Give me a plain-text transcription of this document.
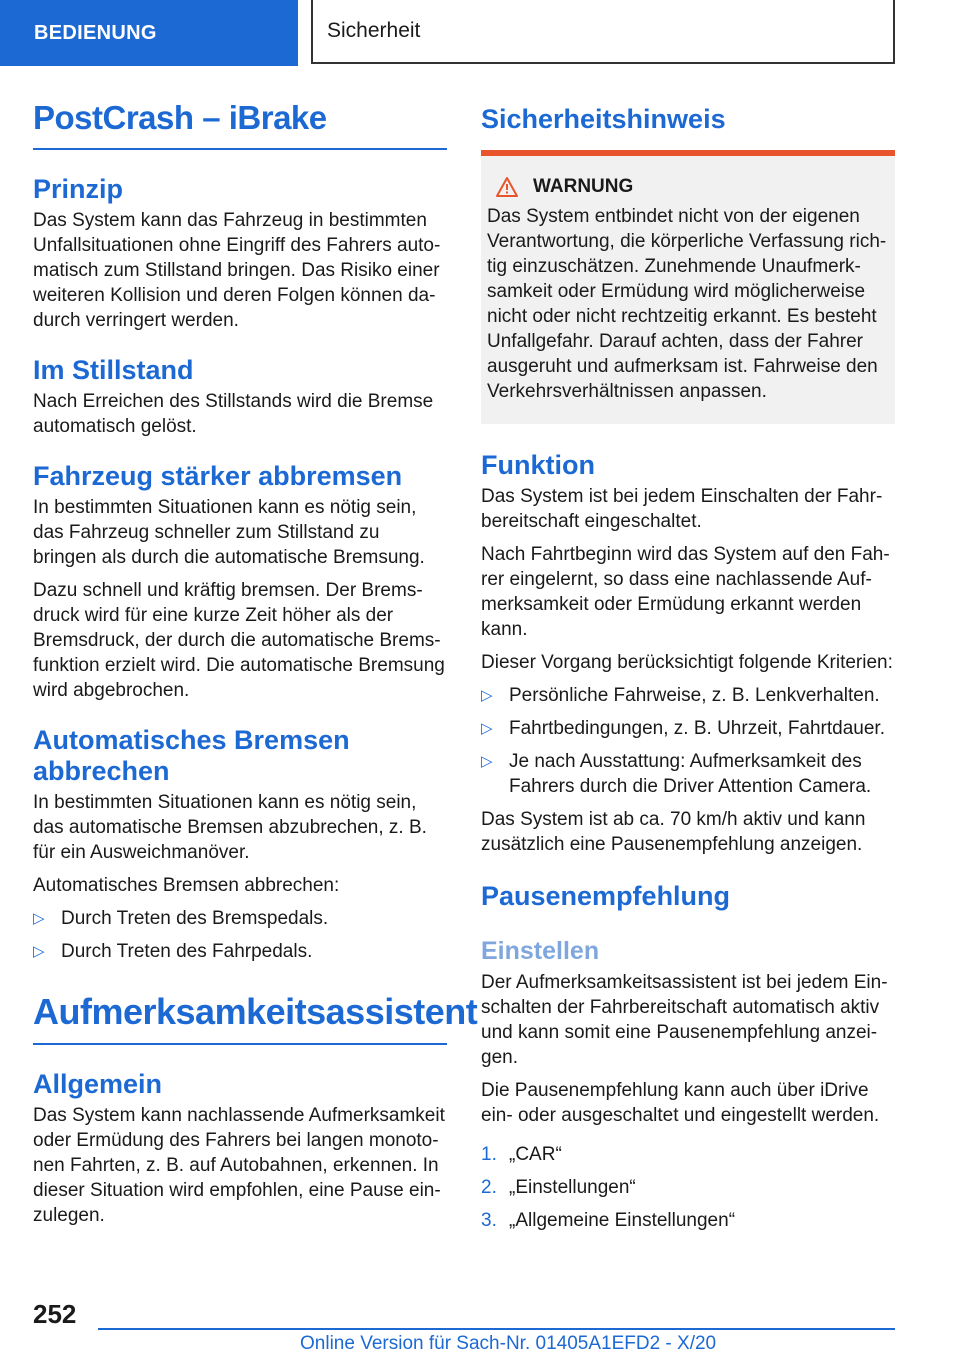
BEDIENUNG	Sicherheit
PostCrash – iBrake
Prinzip

Das System kann das Fahrzeug in bestimmten Unfallsituationen ohne Eingriff des Fahrers automatisch zum Stillstand bringen. Das Risiko einer weiteren Kollision und deren Folgen können dadurch verringert werden.

Im Stillstand

Nach Erreichen des Stillstands wird die Bremse automatisch gelöst.

Fahrzeug stärker abbremsen

In bestimmten Situationen kann es nötig sein, das Fahrzeug schneller zum Stillstand zu bringen als durch die automatische Bremsung.

Dazu schnell und kräftig bremsen. Der Bremsdruck wird für eine kurze Zeit höher als der Bremsdruck, der durch die automatische Bremsfunktion erzielt wird. Die automatische Bremsung wird abgebrochen.

Automatisches Bremsen abbrechen

In bestimmten Situationen kann es nötig sein, das automatische Bremsen abzubrechen, z. B. für ein Ausweichmanöver.

Automatisches Bremsen abbrechen:

▷ Durch Treten des Bremspedals.
▷ Durch Treten des Fahrpedals.
Aufmerksamkeitsassistent
Allgemein

Das System kann nachlassende Aufmerksamkeit oder Ermüdung des Fahrers bei langen monotonen Fahrten, z. B. auf Autobahnen, erkennen. In dieser Situation wird empfohlen, eine Pause einzulegen.

Sicherheitshinweis
WARNUNG

Das System entbindet nicht von der eigenen Verantwortung, die körperliche Verfassung richtig einzuschätzen. Zunehmende Unaufmerksamkeit oder Ermüdung wird möglicherweise nicht oder nicht rechtzeitig erkannt. Es besteht Unfallgefahr. Darauf achten, dass der Fahrer ausgeruht und aufmerksam ist. Fahrweise den Verkehrsverhältnissen anpassen.

Funktion

Das System ist bei jedem Einschalten der Fahrbereitschaft eingeschaltet.

Nach Fahrtbeginn wird das System auf den Fahrer eingelernt, so dass eine nachlassende Aufmerksamkeit oder Ermüdung erkannt werden kann.

Dieser Vorgang berücksichtigt folgende Kriterien:

▷ Persönliche Fahrweise, z. B. Lenkverhalten.
▷ Fahrtbedingungen, z. B. Uhrzeit, Fahrtdauer.
▷ Je nach Ausstattung: Aufmerksamkeit des Fahrers durch die Driver Attention Camera.

Das System ist ab ca. 70 km/h aktiv und kann zusätzlich eine Pausenempfehlung anzeigen.

Pausenempfehlung
Einstellen

Der Aufmerksamkeitsassistent ist bei jedem Einschalten der Fahrbereitschaft automatisch aktiv und kann somit eine Pausenempfehlung anzeigen.

Die Pausenempfehlung kann auch über iDrive ein- oder ausgeschaltet und eingestellt werden.

1. „CAR“
2. „Einstellungen“
3. „Allgemeine Einstellungen“
252
Online Version für Sach-Nr. 01405A1EFD2 - X/20
